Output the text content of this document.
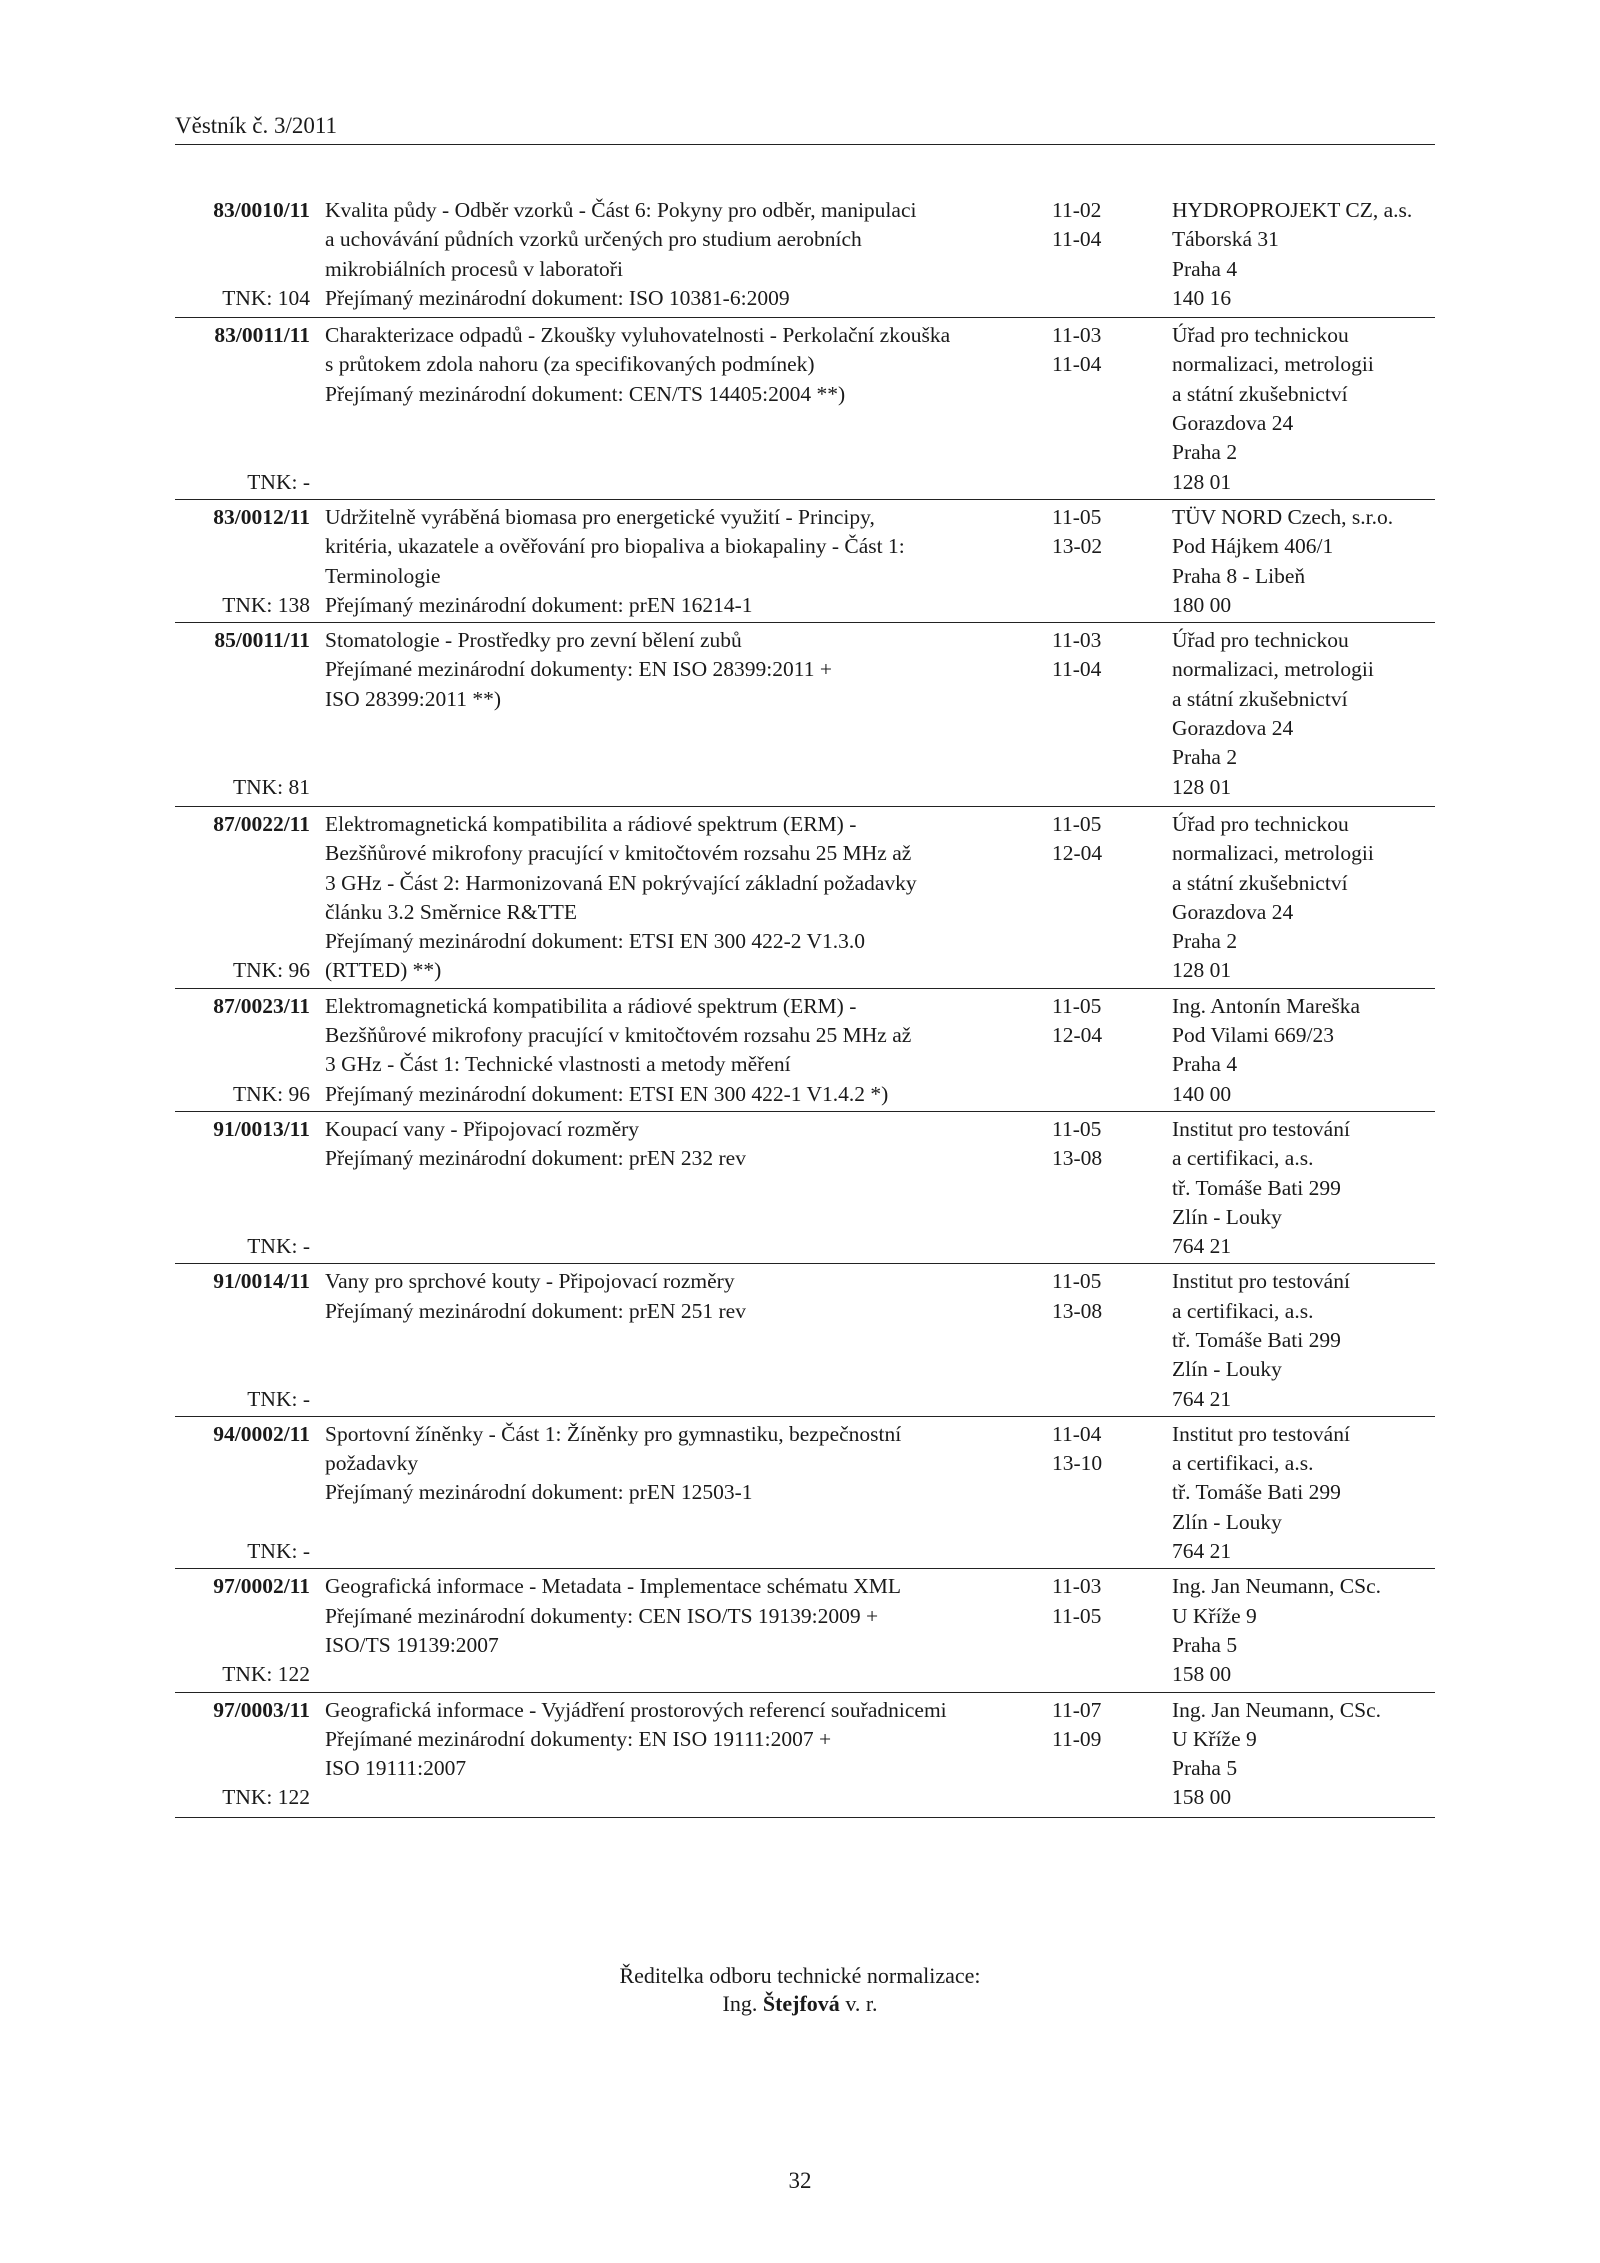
Věstník č. 3/2011
83/0010/11
TNK: 104
Kvalita půdy - Odběr vzorků - Část 6: Pokyny pro odběr, manipulaci
a uchovávání půdních vzorků určených pro studium aerobních
mikrobiálních procesů v laboratoři
Přejímaný mezinárodní dokument: ISO 10381-6:2009
11-02
11-04
HYDROPROJEKT CZ, a.s.
Táborská 31
Praha 4
140 16
83/0011/11
TNK: -
Charakterizace odpadů - Zkoušky vyluhovatelnosti - Perkolační zkouška
s průtokem zdola nahoru (za specifikovaných podmínek)
Přejímaný mezinárodní dokument: CEN/TS 14405:2004 **)
11-03
11-04
Úřad pro technickou
normalizaci, metrologii
a státní zkušebnictví
Gorazdova 24
Praha 2
128 01
83/0012/11
TNK: 138
Udržitelně vyráběná biomasa pro energetické využití - Principy,
kritéria, ukazatele a ověřování pro biopaliva a biokapaliny - Část 1:
Terminologie
Přejímaný mezinárodní dokument: prEN 16214-1
11-05
13-02
TÜV NORD Czech, s.r.o.
Pod Hájkem 406/1
Praha 8 - Libeň
180 00
85/0011/11
TNK: 81
Stomatologie - Prostředky pro zevní bělení zubů
Přejímané mezinárodní dokumenty: EN ISO 28399:2011 +
ISO 28399:2011 **)
11-03
11-04
Úřad pro technickou
normalizaci, metrologii
a státní zkušebnictví
Gorazdova 24
Praha 2
128 01
87/0022/11
TNK: 96
Elektromagnetická kompatibilita a rádiové spektrum (ERM) -
Bezšňůrové mikrofony pracující v kmitočtovém rozsahu 25 MHz až
3 GHz - Část 2: Harmonizovaná EN pokrývající základní požadavky
článku 3.2 Směrnice R&TTE
Přejímaný mezinárodní dokument: ETSI EN 300 422-2 V1.3.0
(RTTED) **)
11-05
12-04
Úřad pro technickou
normalizaci, metrologii
a státní zkušebnictví
Gorazdova 24
Praha 2
128 01
87/0023/11
TNK: 96
Elektromagnetická kompatibilita a rádiové spektrum (ERM) -
Bezšňůrové mikrofony pracující v kmitočtovém rozsahu 25 MHz až
3 GHz - Část 1: Technické vlastnosti a metody měření
Přejímaný mezinárodní dokument: ETSI EN 300 422-1 V1.4.2 *)
11-05
12-04
Ing. Antonín Mareška
Pod Vilami 669/23
Praha 4
140 00
91/0013/11
TNK: -
Koupací vany - Připojovací rozměry
Přejímaný mezinárodní dokument: prEN 232 rev
11-05
13-08
Institut pro testování
a certifikaci, a.s.
tř. Tomáše Bati 299
Zlín - Louky
764 21
91/0014/11
TNK: -
Vany pro sprchové kouty - Připojovací rozměry
Přejímaný mezinárodní dokument: prEN 251 rev
11-05
13-08
Institut pro testování
a certifikaci, a.s.
tř. Tomáše Bati 299
Zlín - Louky
764 21
94/0002/11
TNK: -
Sportovní žíněnky - Část 1: Žíněnky pro gymnastiku, bezpečnostní
požadavky
Přejímaný mezinárodní dokument: prEN 12503-1
11-04
13-10
Institut pro testování
a certifikaci, a.s.
tř. Tomáše Bati 299
Zlín - Louky
764 21
97/0002/11
TNK: 122
Geografická informace - Metadata - Implementace schématu XML
Přejímané mezinárodní dokumenty: CEN ISO/TS 19139:2009 +
ISO/TS 19139:2007
11-03
11-05
Ing. Jan Neumann, CSc.
U Kříže 9
Praha 5
158 00
97/0003/11
TNK: 122
Geografická informace - Vyjádření prostorových referencí souřadnicemi
Přejímané mezinárodní dokumenty: EN ISO 19111:2007 +
ISO 19111:2007
11-07
11-09
Ing. Jan Neumann, CSc.
U Kříže 9
Praha 5
158 00
Ředitelka odboru technické normalizace:
Ing. Štejfová v. r.
32
